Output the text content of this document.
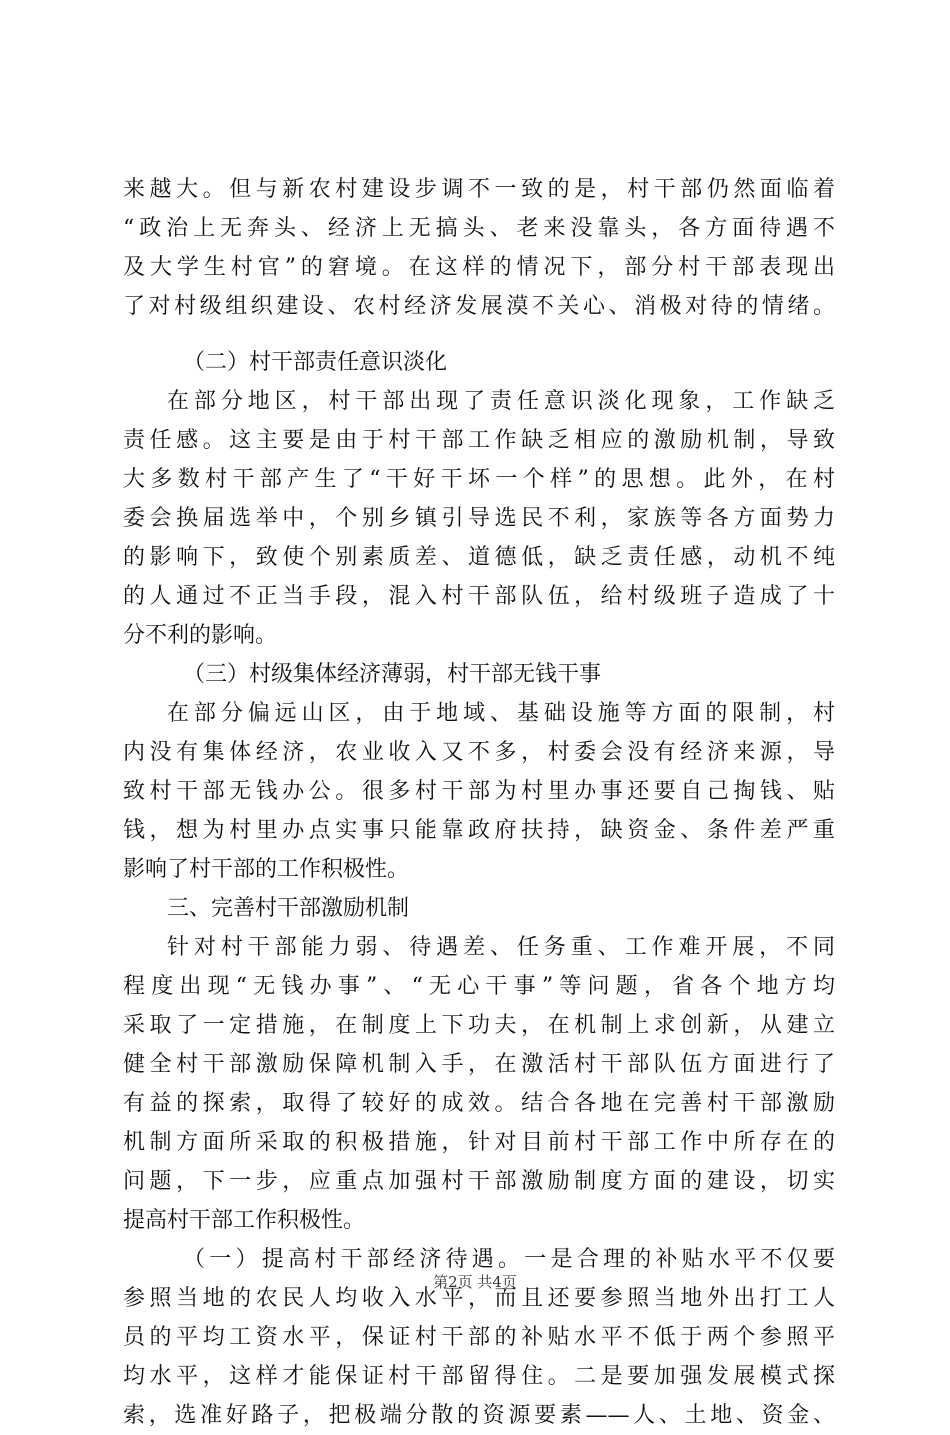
来越大。但与新农村建设步调不一致的是，村干部仍然面临着
“政治上无奔头、经济上无搞头、老来没靠头，各方面待遇不
及大学生村官”的窘境。在这样的情况下，部分村干部表现出
了对村级组织建设、农村经济发展漠不关心、消极对待的情绪。
（二）村干部责任意识淡化
在部分地区，村干部出现了责任意识淡化现象，工作缺乏
责任感。这主要是由于村干部工作缺乏相应的激励机制，导致
大多数村干部产生了“干好干坏一个样”的思想。此外，在村
委会换届选举中，个别乡镇引导选民不利，家族等各方面势力
的影响下，致使个别素质差、道德低，缺乏责任感，动机不纯
的人通过不正当手段，混入村干部队伍，给村级班子造成了十
分不利的影响。
（三）村级集体经济薄弱，村干部无钱干事
在部分偏远山区，由于地域、基础设施等方面的限制，村
内没有集体经济，农业收入又不多，村委会没有经济来源，导
致村干部无钱办公。很多村干部为村里办事还要自己掏钱、贴
钱，想为村里办点实事只能靠政府扶持，缺资金、条件差严重
影响了村干部的工作积极性。
三、完善村干部激励机制
针对村干部能力弱、待遇差、任务重、工作难开展，不同
程度出现“无钱办事”、“无心干事”等问题，省各个地方均
采取了一定措施，在制度上下功夫，在机制上求创新，从建立
健全村干部激励保障机制入手，在激活村干部队伍方面进行了
有益的探索，取得了较好的成效。结合各地在完善村干部激励
机制方面所采取的积极措施，针对目前村干部工作中所存在的
问题，下一步，应重点加强村干部激励制度方面的建设，切实
提高村干部工作积极性。
（一）提高村干部经济待遇。一是合理的补贴水平不仅要
参照当地的农民人均收入水平，而且还要参照当地外出打工人
员的平均工资水平，保证村干部的补贴水平不低于两个参照平
均水平，这样才能保证村干部留得住。二是要加强发展模式探
索，选准好路子，把极端分散的资源要素——人、土地、资金、
第2页 共4页
